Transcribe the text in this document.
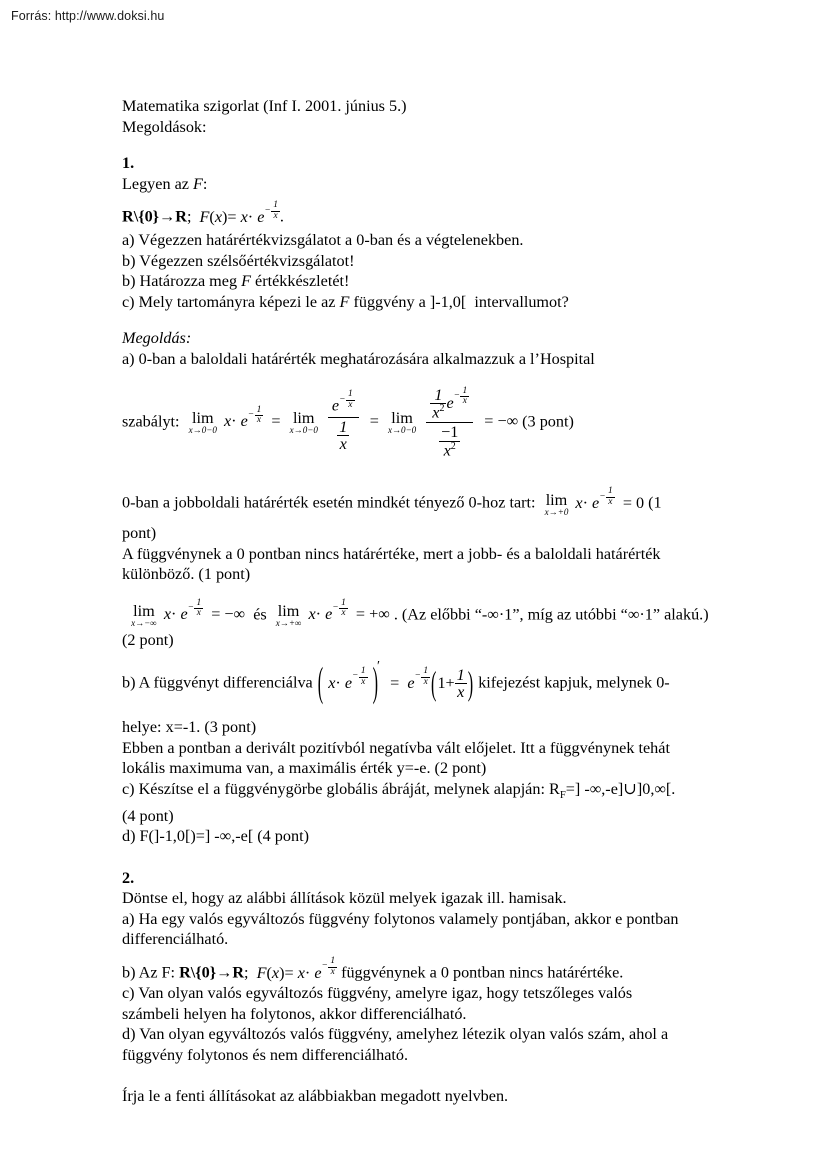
Forrás: http://www.doksi.hu
Matematika szigorlat (Inf I. 2001. június 5.)
Megoldások:
1.
Legyen az F:
R\{0}→R; $F(x)= x\cdot e- \frac{1}{x}$ .
a) Végezzen határértékvizsgálatot a 0-ban és a végtelenekben.
b) Végezzen szélsőértékvizsgálatot!
b) Határozza meg F értékkészletét!
c) Mely tartományra képezi le az F függvény a ]-1,0[  intervallumot?
Megoldás:
a) 0-ban a baloldali határérték meghatározására alkalmazzuk a l’Hospital
szabályt: lim
x→0−0 $x\cdot e- \frac{1}{x} = \lim$
x→0−0
$\frac{e- \frac{1}{x}}{\frac{1}{x}} = \lim$
x→0−0
$\frac{\frac{1}{x^2} e- \frac{1}{x}}{\frac{-1}{x^2}}$ = −∞ (3 pont)
0-ban a jobboldali határérték esetén mindkét tényező 0-hoz tart: lim
x→+0 $x\cdot e- \frac{1}{x} = 0$ (1
pont)
A függvénynek a 0 pontban nincs határértéke, mert a jobb- és a baloldali határérték
különböző. (1 pont)

lim
x→−∞ $x\cdot e- \frac{1}{x}$ = −∞ és lim
x→+∞ $x\cdot e- \frac{1}{x}$ = +∞ . (Az előbbi “-∞·1”, míg az utóbbi “∞·1” alakú.)
(2 pont)
b) A függvényt differenciálva ( $x\cdot e- \frac{1}{x} )' = e- \frac{1}{x} (1+ \frac{1}{x}$ ) kifejezést kapjuk, melynek 0-
helye: x=-1. (3 pont)
Ebben a pontban a derivált pozitívból negatívba vált előjelet. Itt a függvénynek tehát
lokális maximuma van, a maximális érték y=-e. (2 pont)
c) Készítse el a függvénygörbe globális ábráját, melynek alapján: $R_F=$] -∞,-e]∪]0,∞[.
(4 pont)
d) F(]-1,0[)=] -∞,-e[ (4 pont)
2.
Döntse el, hogy az alábbi állítások közül melyek igazak ill. hamisak.
a) Ha egy valós egyváltozós függvény folytonos valamely pontjában, akkor e pontban
differenciálható.
b) Az F: R\{0}→R; $F(x)= x\cdot e- \frac{1}{x}$ függvénynek a 0 pontban nincs határértéke.
c) Van olyan valós egyváltozós függvény, amelyre igaz, hogy tetszőleges valós
számbeli helyen ha folytonos, akkor differenciálható.
d) Van olyan egyváltozós valós függvény, amelyhez létezik olyan valós szám, ahol a
függvény folytonos és nem differenciálható.
Írja le a fenti állításokat az alábbiakban megadott nyelvben.
